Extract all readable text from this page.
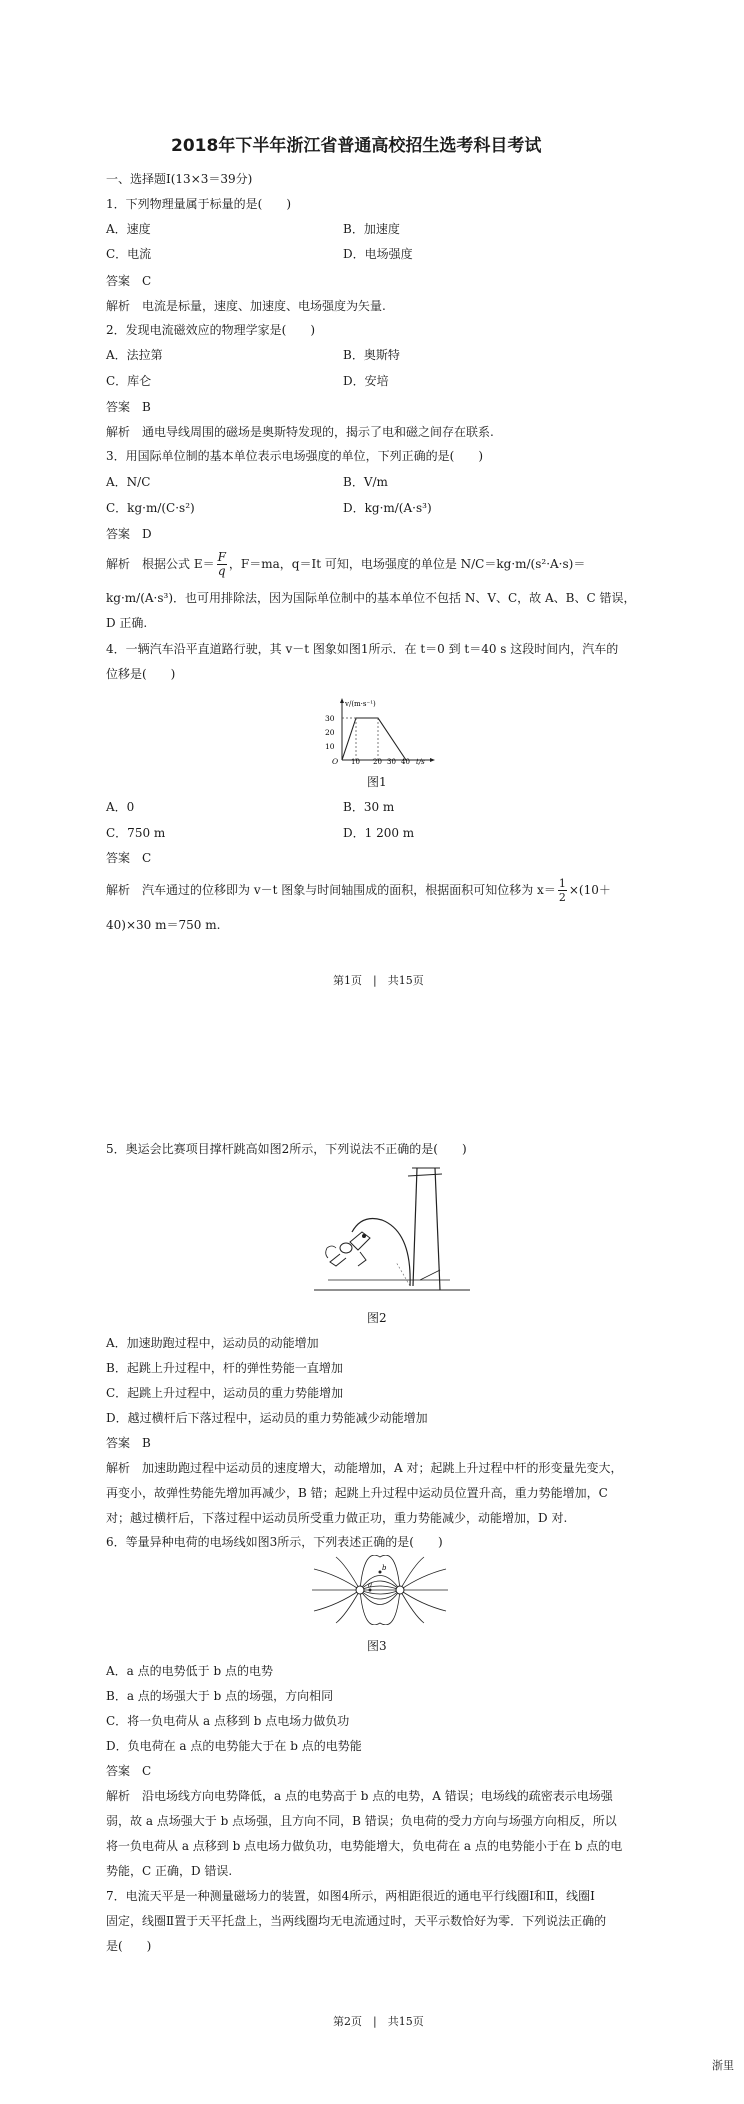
2018年下半年浙江省普通高校招生选考科目考试
一、选择题Ⅰ(13×3＝39分)
1．下列物理量属于标量的是(　　)
A．速度	B．加速度
C．电流	D．电场强度
答案　C
解析　电流是标量，速度、加速度、电场强度为矢量.
2．发现电流磁效应的物理学家是(　　)
A．法拉第	B．奥斯特
C．库仑	D．安培
答案　B
解析　通电导线周围的磁场是奥斯特发现的，揭示了电和磁之间存在联系.
3．用国际单位制的基本单位表示电场强度的单位，下列正确的是(　　)
A．N/C	B．V/m
C．kg·m/(C·s²)	D．kg·m/(A·s³)
答案　D
解析　根据公式 $E= \frac{F}{q}$ ，F＝ma，q＝It 可知，电场强度的单位是 N/C＝kg·m/(s²·A·s)＝
kg·m/(A·s³)．也可用排除法，因为国际单位制中的基本单位不包括 N、V、C，故 A、B、C 错误，
D 正确.
4．一辆汽车沿平直道路行驶，其 v－t 图象如图1所示．在 t＝0 到 t＝40 s 这段时间内，汽车的
位移是(　　)
v/(m·s⁻¹)
30
20
10
O 10 20 30 40 t/s
图1
A．0	B．30 m
C．750 m	D．1 200 m
答案　C
解析　汽车通过的位移即为 v－t 图象与时间轴围成的面积，根据面积可知位移为 $x= \frac{1}{2} \times(10+$
40)×30 m＝750 m.
第1页　|　共15页
5．奥运会比赛项目撑杆跳高如图2所示，下列说法不正确的是(　　)
图2
A．加速助跑过程中，运动员的动能增加
B．起跳上升过程中，杆的弹性势能一直增加
C．起跳上升过程中，运动员的重力势能增加
D．越过横杆后下落过程中，运动员的重力势能减少动能增加
答案　B
解析　加速助跑过程中运动员的速度增大，动能增加，A 对；起跳上升过程中杆的形变量先变大，
再变小，故弹性势能先增加再减少，B 错；起跳上升过程中运动员位置升高，重力势能增加，C
对；越过横杆后，下落过程中运动员所受重力做正功，重力势能减少，动能增加，D 对.
6．等量异种电荷的电场线如图3所示，下列表述正确的是(　　)
a
b
图3
A．a 点的电势低于 b 点的电势
B．a 点的场强大于 b 点的场强，方向相同
C．将一负电荷从 a 点移到 b 点电场力做负功
D．负电荷在 a 点的电势能大于在 b 点的电势能
答案　C
解析　沿电场线方向电势降低，a 点的电势高于 b 点的电势，A 错误；电场线的疏密表示电场强
弱，故 a 点场强大于 b 点场强，且方向不同，B 错误；负电荷的受力方向与场强方向相反，所以
将一负电荷从 a 点移到 b 点电场力做负功，电势能增大，负电荷在 a 点的电势能小于在 b 点的电
势能，C 正确，D 错误.
7．电流天平是一种测量磁场力的装置，如图4所示，两相距很近的通电平行线圈Ⅰ和Ⅱ，线圈Ⅰ
固定，线圈Ⅱ置于天平托盘上，当两线圈均无电流通过时，天平示数恰好为零．下列说法正确的
是(　　)
第2页　|　共15页
浙里
